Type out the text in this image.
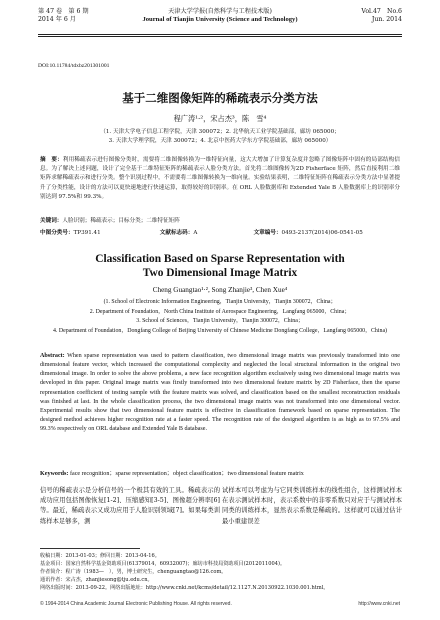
第 47 卷　第 6 期
2014 年 6 月
天津大学学报(自然科学与工程技术版)
Journal of Tianjin University (Science and Technology)
Vol.47　No.6
Jun. 2014
DOI:10.11784/tdxbz201301001
基于二维图像矩阵的稀疏表示分类方法
程广涛¹·²，宋占杰³，陈　雪⁴
（1. 天津大学电子信息工程学院，天津 300072；2. 北华航天工业学院基础部，廊坊 065000；
3. 天津大学理学院，天津 300072；4. 北京中医药大学东方学院基础部，廊坊 065000）
摘　要：利用稀疏表示进行图像分类时，需要将二维图像转换为一维特征向量，这大大增加了计算复杂度并忽略了图像矩阵中固有的局部结构信息。为了解决上述问题，设计了完全基于二维特征矩阵的稀疏表示人脸分类方法。首先将二维图像转为2D Fisherface 矩阵，然后直接利用二维矩阵求解稀疏表示和进行分类。整个识别过程中，不需要将二维图像转换为一维向量。实验结果表明，二维特征矩阵在稀疏表示分类方法中显著提升了分类性能，设计的方法可以更快速地进行快速运算，取得较好的识别率。在 ORL 人脸数据库和 Extended Yale B 人脸数据库上的识别率分别达到 97.5%和 99.3%。
关键词：人脸识别；稀疏表示；目标分类；二维特征矩阵
中图分类号：TP391.41	文献标志码：A	文章编号：0493-2137(2014)06-0541-05
Classification Based on Sparse Representation with
Two Dimensional Image Matrix
Cheng Guangtao¹·², Song Zhanjie³, Chen Xue⁴
(1. School of Electronic Information Engineering，Tianjin University，Tianjin 300072，China；
2. Department of Foundation，North China Institute of Aerospace Engineering，Langfang 065000，China；
3. School of Sciences，Tianjin University，Tianjin 300072，China；
4. Department of Foundation，Dongfang College of Beijing University of Chinese Medicine Dongfang College，Langfang 065000，China)
Abstract: When sparse representation was used to pattern classification, two dimensional image matrix was previously transformed into one dimensional feature vector, which increased the computational complexity and neglected the local structural information in the original two dimensional image. In order to solve the above problems, a new face recognition algorithm exclusively using two dimensional image matrix was developed in this paper. Original image matrix was firstly transformed into two dimensional feature matrix by 2D Fisherface, then the sparse representation coefficient of testing sample with the feature matrix was solved, and classification based on the smallest reconstruction residuals was finished at last. In the whole classification process, the two dimensional image matrix was not transformed into one dimensional vector. Experimental results show that two dimensional feature matrix is effective in classification framework based on sparse representation. The designed method achieves higher recognition rate at a faster speed. The recognition rate of the designed algorithm is as high as to 97.5% and 99.3% respectively on ORL database and Extended Yale B database.
Keywords: face recognition；sparse representation；object classification；two dimensional feature matrix
信号的稀疏表示是分析信号的一个极其有效的工具。稀疏表示的成功应用包括图像恢复[1-2]、压缩感知[3-5]、图像超分辨率[6]等。最近，稀疏表示又成功应用于人脸识别领域[7]。如果每类训练样本足够多，测
试样本可以考虑为与它同类训练样本的线性组合，这样测试样本在表示测试样本时，表示系数中的非零系数只对应于与测试样本同类的训练样本，显然表示系数是稀疏的。这样就可以通过估计最小重建误差
收稿日期：2013-01-03；修回日期：2013-04-16。
基金项目：国家自然科学基金资助项目(61379014，60932007)；廊坊市科技局资助项目(2012011004)。
作者简介：程广涛（1983—　），男，博士研究生，chenguangtao@126.com。
通讯作者：宋占杰，zhanjiesong@tju.edu.cn。
网络出版时间：2013-09-22。网络出版地址：http://www.cnki.net/kcms/detail/12.1127.N.20130922.1030.001.html。
© 1994-2014 China Academic Journal Electronic Publishing House. All rights reserved.	http://www.cnki.net
